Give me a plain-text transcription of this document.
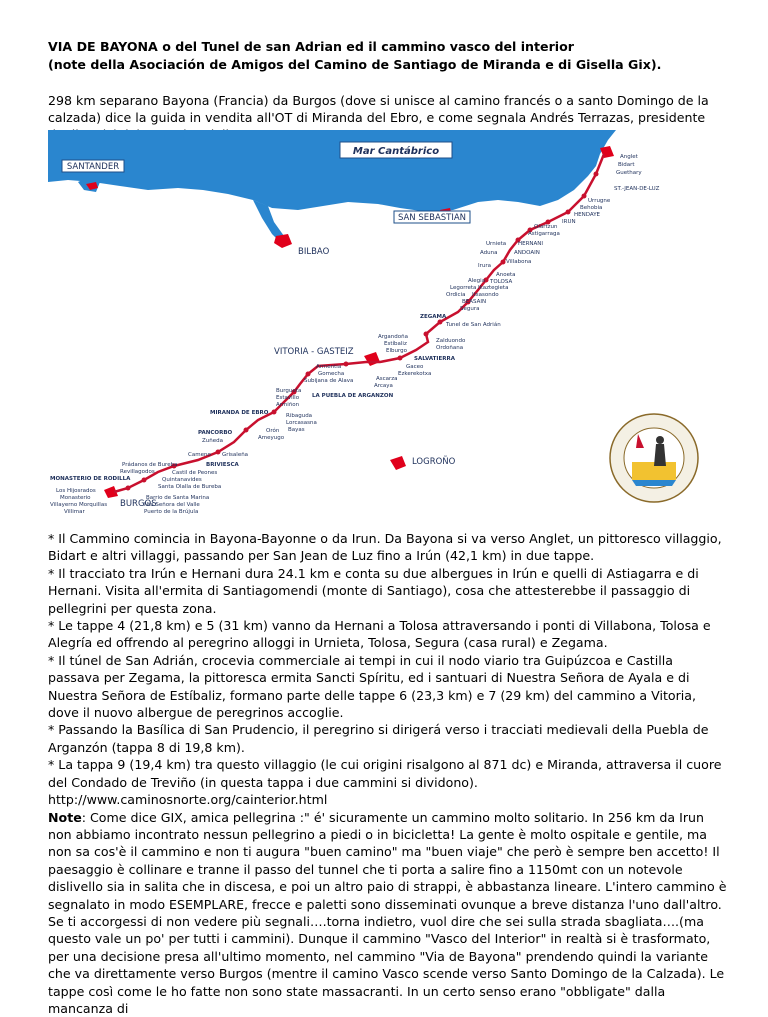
VIA DE BAYONA o del Tunel de san Adrian ed il cammino vasco del interior
(note della Asociación de Amigos del Camino de Santiago de Miranda e di Gisella Gix).

298 km separano Bayona (Francia) da Burgos (dove si unisce al camino francés o a santo Domingo de la calzada) dice la guida in vendita all'OT di Miranda del Ebro, e come segnala Andrés Terrazas, presidente

Mar Cantábrico
SANTANDER
BILBAO
SAN SEBASTIAN
BAYONNE
VITORIA - GASTEIZ
LOGROÑO
BURGOS
Anglet
Bidart
Guethary
ST.-JEAN-DE-LUZ
Urrugne
Behobia
HENDAYE
IRUN
Oiartzun
Astigarraga
HERNANI
Urnieta
ANDOAIN
Aduna
Villabona
Irura
Anoeta
Alegia TOLOSA
Legorreta Ikaztegieta
Ordicia Itsasondo
BEASAIN
Segura
ZEGAMA
Tunel de San Adrián
Zalduondo
Ordoñana
Argandoña
Estíbaliz
Elburgo
SALVATIERRA
Gaceo
Ezkerekotxa
Armentia
Gomecha
Subijana de Alava	Ascarza
Arcaya
Burgueta
Estavillo
Armiñon
LA PUEBLA DE ARGANZON
MIRANDA DE EBRO	Ribaguda
Lorcasasna
Bayas
Orón
Ameyugo
PANCORBO
Zuñeda
Cameno Grisaleña
BRIVIESCA
Prádanos de Bureba
Revillagodos	Castil de Peones
Quintanavides
Santa Olalla de Bureba
MONASTERIO DE RODILLA
Los Hijosrados
Monasterio	Barrio de Santa Marina
Villayerno Morquillas	Nta Señora del Valle
Villimar	Puerto de la Brújula

* Il Cammino comincia in Bayona-Bayonne o da Irun. Da Bayona si va verso Anglet, un pittoresco villaggio, Bidart e altri villaggi, passando per San Jean de Luz fino a Irún (42,1 km) in due tappe.

* Il tracciato tra Irún e Hernani dura 24.1 km e conta su due albergues in Irún e quelli di Astiagarra e di Hernani. Visita all'ermita di Santiagomendi (monte di Santiago), cosa che attesterebbe il passaggio di pellegrini per questa zona.

* Le tappe 4 (21,8 km) e 5 (31 km) vanno da Hernani a Tolosa attraversando i ponti di Villabona, Tolosa e Alegría ed offrendo al peregrino alloggi in Urnieta, Tolosa, Segura (casa rural) e Zegama.

* Il túnel de San Adrián, crocevia commerciale ai tempi in cui il nodo viario tra Guipúzcoa e Castilla passava per Zegama, la pittoresca ermita Sancti Spíritu, ed i santuari di Nuestra Señora de Ayala e di Nuestra Señora de Estíbaliz, formano parte delle tappe 6 (23,3 km) e 7 (29 km) del cammino a Vitoria, dove il nuovo albergue de peregrinos accoglie.

* Passando la Basílica di San Prudencio, il peregrino si dirigerá verso i tracciati medievali della Puebla de Arganzón (tappa 8 di 19,8 km).

* La tappa 9 (19,4 km) tra questo villaggio (le cui origini risalgono al 871 dc) e Miranda, attraversa il cuore del Condado de Treviño (in questa tappa i due cammini si dividono).

http://www.caminosnorte.org/cainterior.html

Note: Come dice GIX, amica pellegrina :" é' sicuramente un cammino molto solitario. In 256 km da Irun non abbiamo incontrato nessun pellegrino a piedi o in bicicletta! La gente è molto ospitale e gentile, ma non sa cos'è il cammino e non ti augura "buen camino" ma "buen viaje" che però è sempre ben accetto! Il paesaggio è collinare e tranne il passo del tunnel che ti porta a salire fino a 1150mt con un notevole dislivello sia in salita che in discesa, e poi un altro paio di strappi, è abbastanza lineare. L'intero cammino è segnalato in modo ESEMPLARE, frecce e paletti sono disseminati ovunque a breve distanza l'uno dall'altro. Se ti accorgessi di non vedere più segnali….torna indietro, vuol dire che sei sulla strada sbagliata….(ma questo vale un po' per tutti i cammini). Dunque il cammino "Vasco del Interior" in realtà si è trasformato, per una decisione presa all'ultimo momento, nel cammino "Via de Bayona" prendendo quindi la variante che va direttamente verso Burgos (mentre il camino Vasco scende verso Santo Domingo de la Calzada). Le tappe così come le ho fatte non sono state massacranti. In un certo senso erano "obbligate" dalla mancanza di
